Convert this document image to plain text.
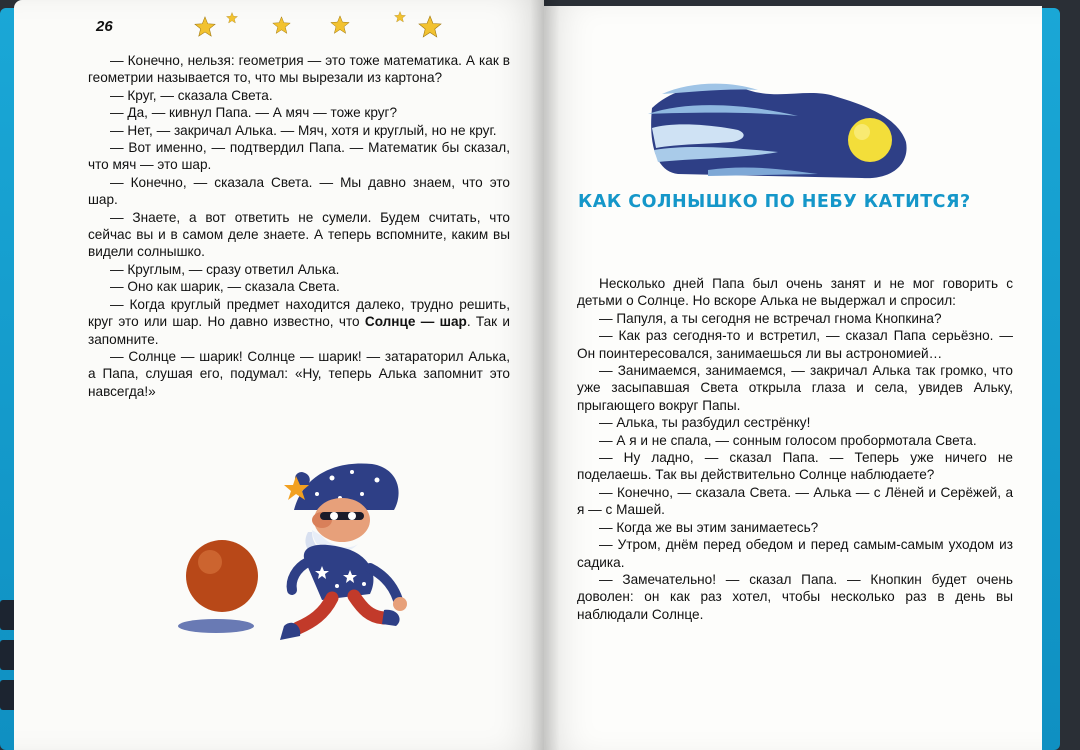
26

— Конечно, нельзя: геометрия — это тоже математика. А как в геометрии называется то, что мы вырезали из картона?

— Круг, — сказала Света.

— Да, — кивнул Папа. — А мяч — тоже круг?

— Нет, — закричал Алька. — Мяч, хотя и круглый, но не круг.

— Вот именно, — подтвердил Папа. — Математик бы сказал, что мяч — это шар.

— Конечно, — сказала Света. — Мы давно знаем, что это шар.

— Знаете, а вот ответить не сумели. Будем считать, что сейчас вы и в самом деле знаете. А теперь вспомните, каким вы видели солнышко.

— Круглым, — сразу ответил Алька.

— Оно как шарик, — сказала Света.

— Когда круглый предмет находится далеко, трудно решить, круг это или шар. Но давно известно, что Солнце — шар. Так и запомните.

— Солнце — шарик! Солнце — шарик! — затараторил Алька, а Папа, слушая его, подумал: «Ну, теперь Алька запомнит это навсегда!»

КАК СОЛНЫШКО ПО НЕБУ КАТИТСЯ?

Несколько дней Папа был очень занят и не мог говорить с детьми о Солнце. Но вскоре Алька не выдержал и спросил:

— Папуля, а ты сегодня не встречал гнома Кнопкина?

— Как раз сегодня-то и встретил, — сказал Папа серьёзно. — Он поинтересовался, занимаешься ли вы астрономией…

— Занимаемся, занимаемся, — закричал Алька так громко, что уже засыпавшая Света открыла глаза и села, увидев Альку, прыгающего вокруг Папы.

— Алька, ты разбудил сестрёнку!

— А я и не спала, — сонным голосом пробормотала Света.

— Ну ладно, — сказал Папа. — Теперь уже ничего не поделаешь. Так вы действительно Солнце наблюдаете?

— Конечно, — сказала Света. — Алька — с Лёней и Серёжей, а я — с Машей.

— Когда же вы этим занимаетесь?

— Утром, днём перед обедом и перед самым-самым уходом из садика.

— Замечательно! — сказал Папа. — Кнопкин будет очень доволен: он как раз хотел, чтобы несколько раз в день вы наблюдали Солнце.
